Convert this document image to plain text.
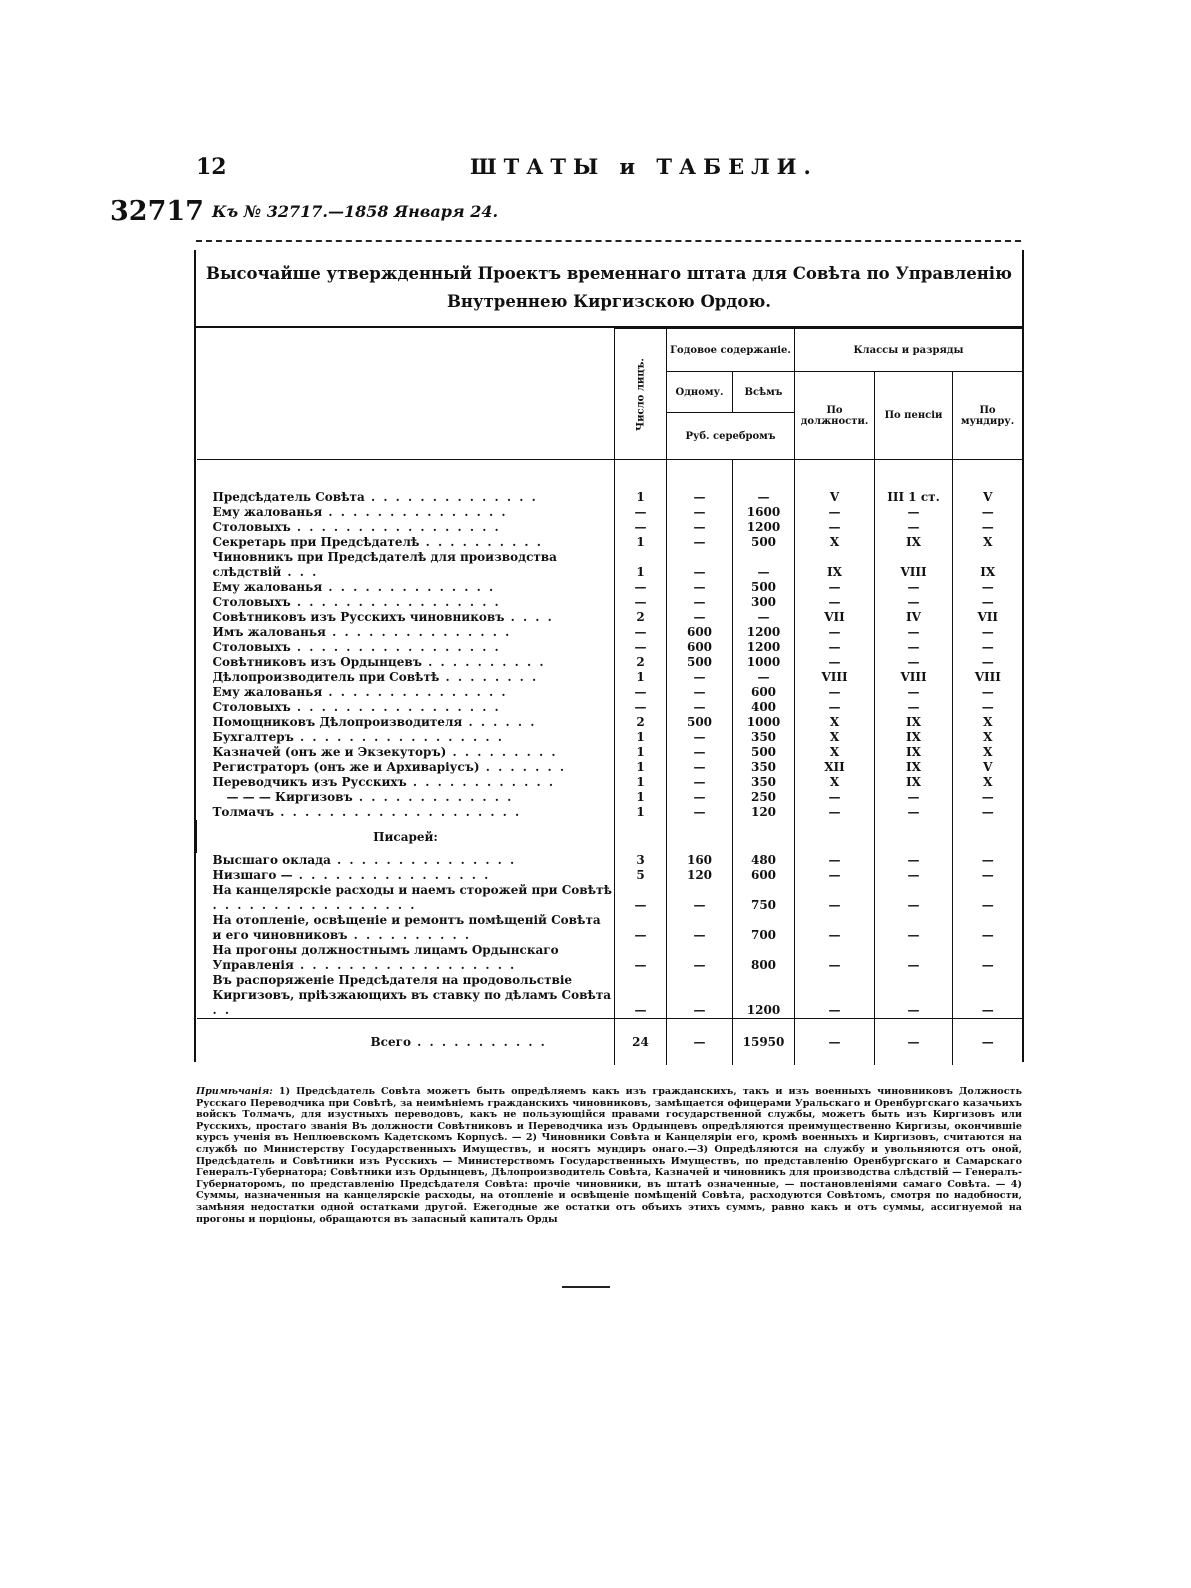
12	ШТАТЫ и ТАБЕЛИ.
32717 Къ № 32717.—1858 Января 24.
Высочайше утвержденный Проектъ временнаго штата для Совѣта по Управленію Внутреннею Киргизскою Ордою.
	Число лицъ.	Годовое содержаніе.		Классы и разряды		
		Одному.	Всѣмъ	По должности.	По пенсіи	По мундиру.
		Руб. серебромъ				

Предсѣдатель Совѣта . . . . . . . . . . . . . .	1	—	—	V	III 1 ст.	V
Ему жалованья . . . . . . . . . . . . . . .	—	—	1600	—	—	—
Столовыхъ . . . . . . . . . . . . . . . . .	—	—	1200	—	—	—
Секретарь при Предсѣдателѣ . . . . . . . . . .	1	—	500	X	IX	X
Чиновникъ при Предсѣдателѣ для производства слѣдствій . . .	1	—	—	IX	VIII	IX
Ему жалованья . . . . . . . . . . . . . .	—	—	500	—	—	—
Столовыхъ . . . . . . . . . . . . . . . . .	—	—	300	—	—	—
Совѣтниковъ изъ Русскихъ чиновниковъ . . . .	2	—	—	VII	IV	VII
Имъ жалованья . . . . . . . . . . . . . . .	—	600	1200	—	—	—
Столовыхъ . . . . . . . . . . . . . . . . .	—	600	1200	—	—	—
Совѣтниковъ изъ Ордынцевъ . . . . . . . . . .	2	500	1000	—	—	—
Дѣлопроизводитель при Совѣтѣ . . . . . . . .	1	—	—	VIII	VIII	VIII
Ему жалованья . . . . . . . . . . . . . . .	—	—	600	—	—	—
Столовыхъ . . . . . . . . . . . . . . . . .	—	—	400	—	—	—
Помощниковъ Дѣлопроизводителя . . . . . .	2	500	1000	X	IX	X
Бухгалтеръ . . . . . . . . . . . . . . . . .	1	—	350	X	IX	X
Казначей (онъ же и Экзекуторъ) . . . . . . . . .	1	—	500	X	IX	X
Регистраторъ (онъ же и Архиваріусъ) . . . . . . .	1	—	350	XII	IX	V
Переводчикъ изъ Русскихъ . . . . . . . . . . . .	1	—	350	X	IX	X
— — — Киргизовъ . . . . . . . . . . . . .	1	—	250	—	—	—
Толмачъ . . . . . . . . . . . . . . . . . . . .	1	—	120	—	—	—
Писарей:						
Высшаго оклада . . . . . . . . . . . . . . .	3	160	480	—	—	—
Низшаго — . . . . . . . . . . . . . . . .	5	120	600	—	—	—
На канцелярскіе расходы и наемъ сторожей при Совѣтѣ . . . . . . . . . . . . . . . . .	—	—	750	—	—	—
На отопленіе, освѣщеніе и ремонтъ помѣщеній Совѣта и его чиновниковъ . . . . . . . . . .	—	—	700	—	—	—
На прогоны должностнымъ лицамъ Ордынскаго Управленія . . . . . . . . . . . . . . . . . .	—	—	800	—	—	—
Въ распоряженіе Предсѣдателя на продовольствіе Киргизовъ, пріѣзжающихъ въ ставку по дѣламъ Совѣта . .	—	—	1200	—	—	—
Всего . . . . . . . . . . .	24	—	15950	—	—	—
Примѣчанія: 1) Предсѣдатель Совѣта можетъ быть опредѣляемъ какъ изъ гражданскихъ, такъ и изъ военныхъ чиновниковъ Должность Русскаго Переводчика при Совѣтѣ, за неимѣніемъ гражданскихъ чиновниковъ, замѣщается офицерами Уральскаго и Оренбургскаго казачьихъ войскъ Толмачъ, для изустныхъ переводовъ, какъ не пользующійся правами государственной службы, можетъ быть изъ Киргизовъ или Русскихъ, простаго званія Въ должности Совѣтниковъ и Переводчика изъ Ордынцевъ опредѣляются преимущественно Киргизы, окончившіе курсъ ученія въ Неплюевскомъ Кадетскомъ Корпусѣ. — 2) Чиновники Совѣта и Канцеляріи его, кромѣ военныхъ и Киргизовъ, считаются на службѣ по Министерству Государственныхъ Имуществъ, и носятъ мундиръ онаго.—3) Опредѣляются на службу и увольняются отъ оной, Предсѣдатель и Совѣтники изъ Русскихъ — Министерствомъ Государственныхъ Имуществъ, по представленію Оренбургскаго и Самарскаго Генералъ-Губернатора; Совѣтники изъ Ордынцевъ, Дѣлопроизводитель Совѣта, Казначей и чиновникъ для производства слѣдствій — Генералъ-Губернаторомъ, по представленію Предсѣдателя Совѣта: прочіе чиновники, въ штатѣ означенные, — постановленіями самаго Совѣта. — 4) Суммы, назначенныя на канцелярскіе расходы, на отопленіе и освѣщеніе помѣщеній Совѣта, расходуются Совѣтомъ, смотря по надобности, замѣняя недостатки одной остатками другой. Ежегодные же остатки отъ объихъ этихъ суммъ, равно какъ и отъ суммы, ассигнуемой на прогоны и порціоны, обращаются въ запасный капиталъ Орды
